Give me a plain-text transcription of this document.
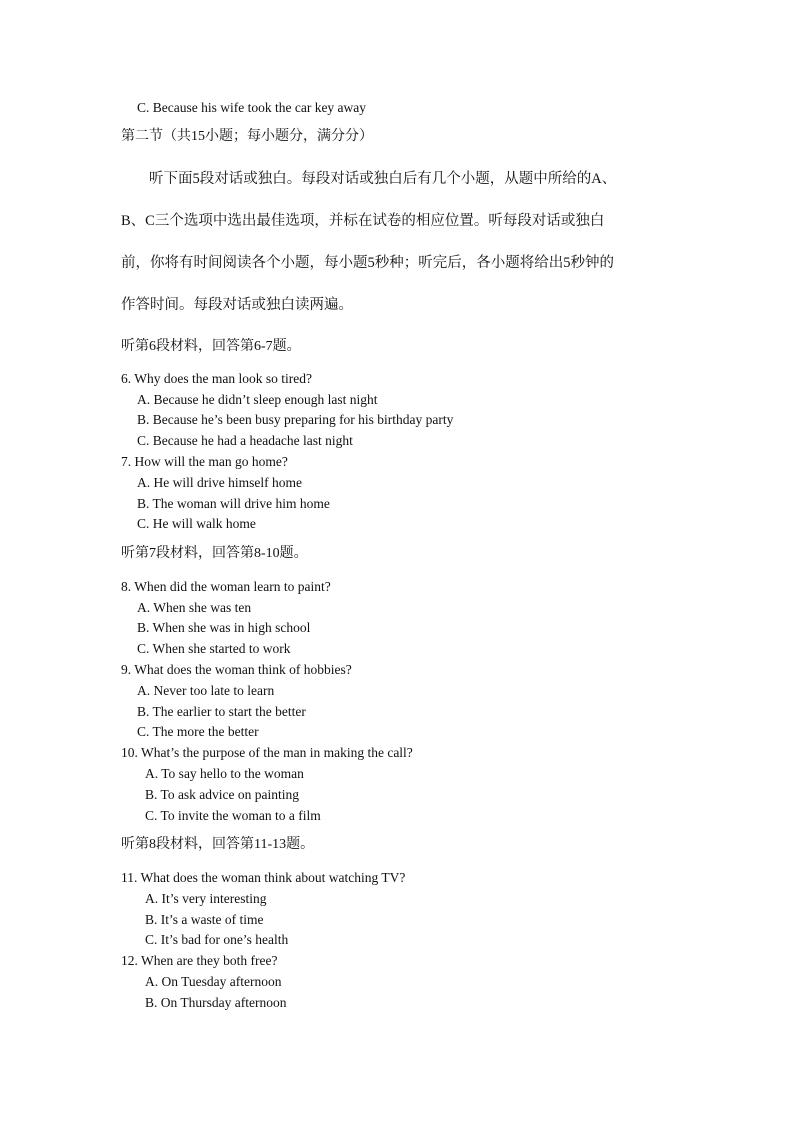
C. Because his wife took the car key away
第二节（共15小题；每小题分，满分分）
听下面5段对话或独白。每段对话或独白后有几个小题，从题中所给的A、
B、C三个选项中选出最佳选项，并标在试卷的相应位置。听每段对话或独白
前，你将有时间阅读各个小题，每小题5秒种；听完后，各小题将给出5秒钟的
作答时间。每段对话或独白读两遍。
听第6段材料，回答第6-7题。
6. Why does the man look so tired?
A. Because he didn’t sleep enough last night
B. Because he’s been busy preparing for his birthday party
C. Because he had a headache last night
7. How will the man go home?
A. He will drive himself home
B. The woman will drive him home
C. He will walk home
听第7段材料，回答第8-10题。
8. When did the woman learn to paint?
A. When she was ten
B. When she was in high school
C. When she started to work
9. What does the woman think of hobbies?
A. Never too late to learn
B. The earlier to start the better
C. The more the better
10. What’s the purpose of the man in making the call?
A. To say hello to the woman
B. To ask advice on painting
C. To invite the woman to a film
听第8段材料，回答第11-13题。
11. What does the woman think about watching TV?
A. It’s very interesting
B. It’s a waste of time
C. It’s bad for one’s health
12. When are they both free?
A. On Tuesday afternoon
B. On Thursday afternoon
